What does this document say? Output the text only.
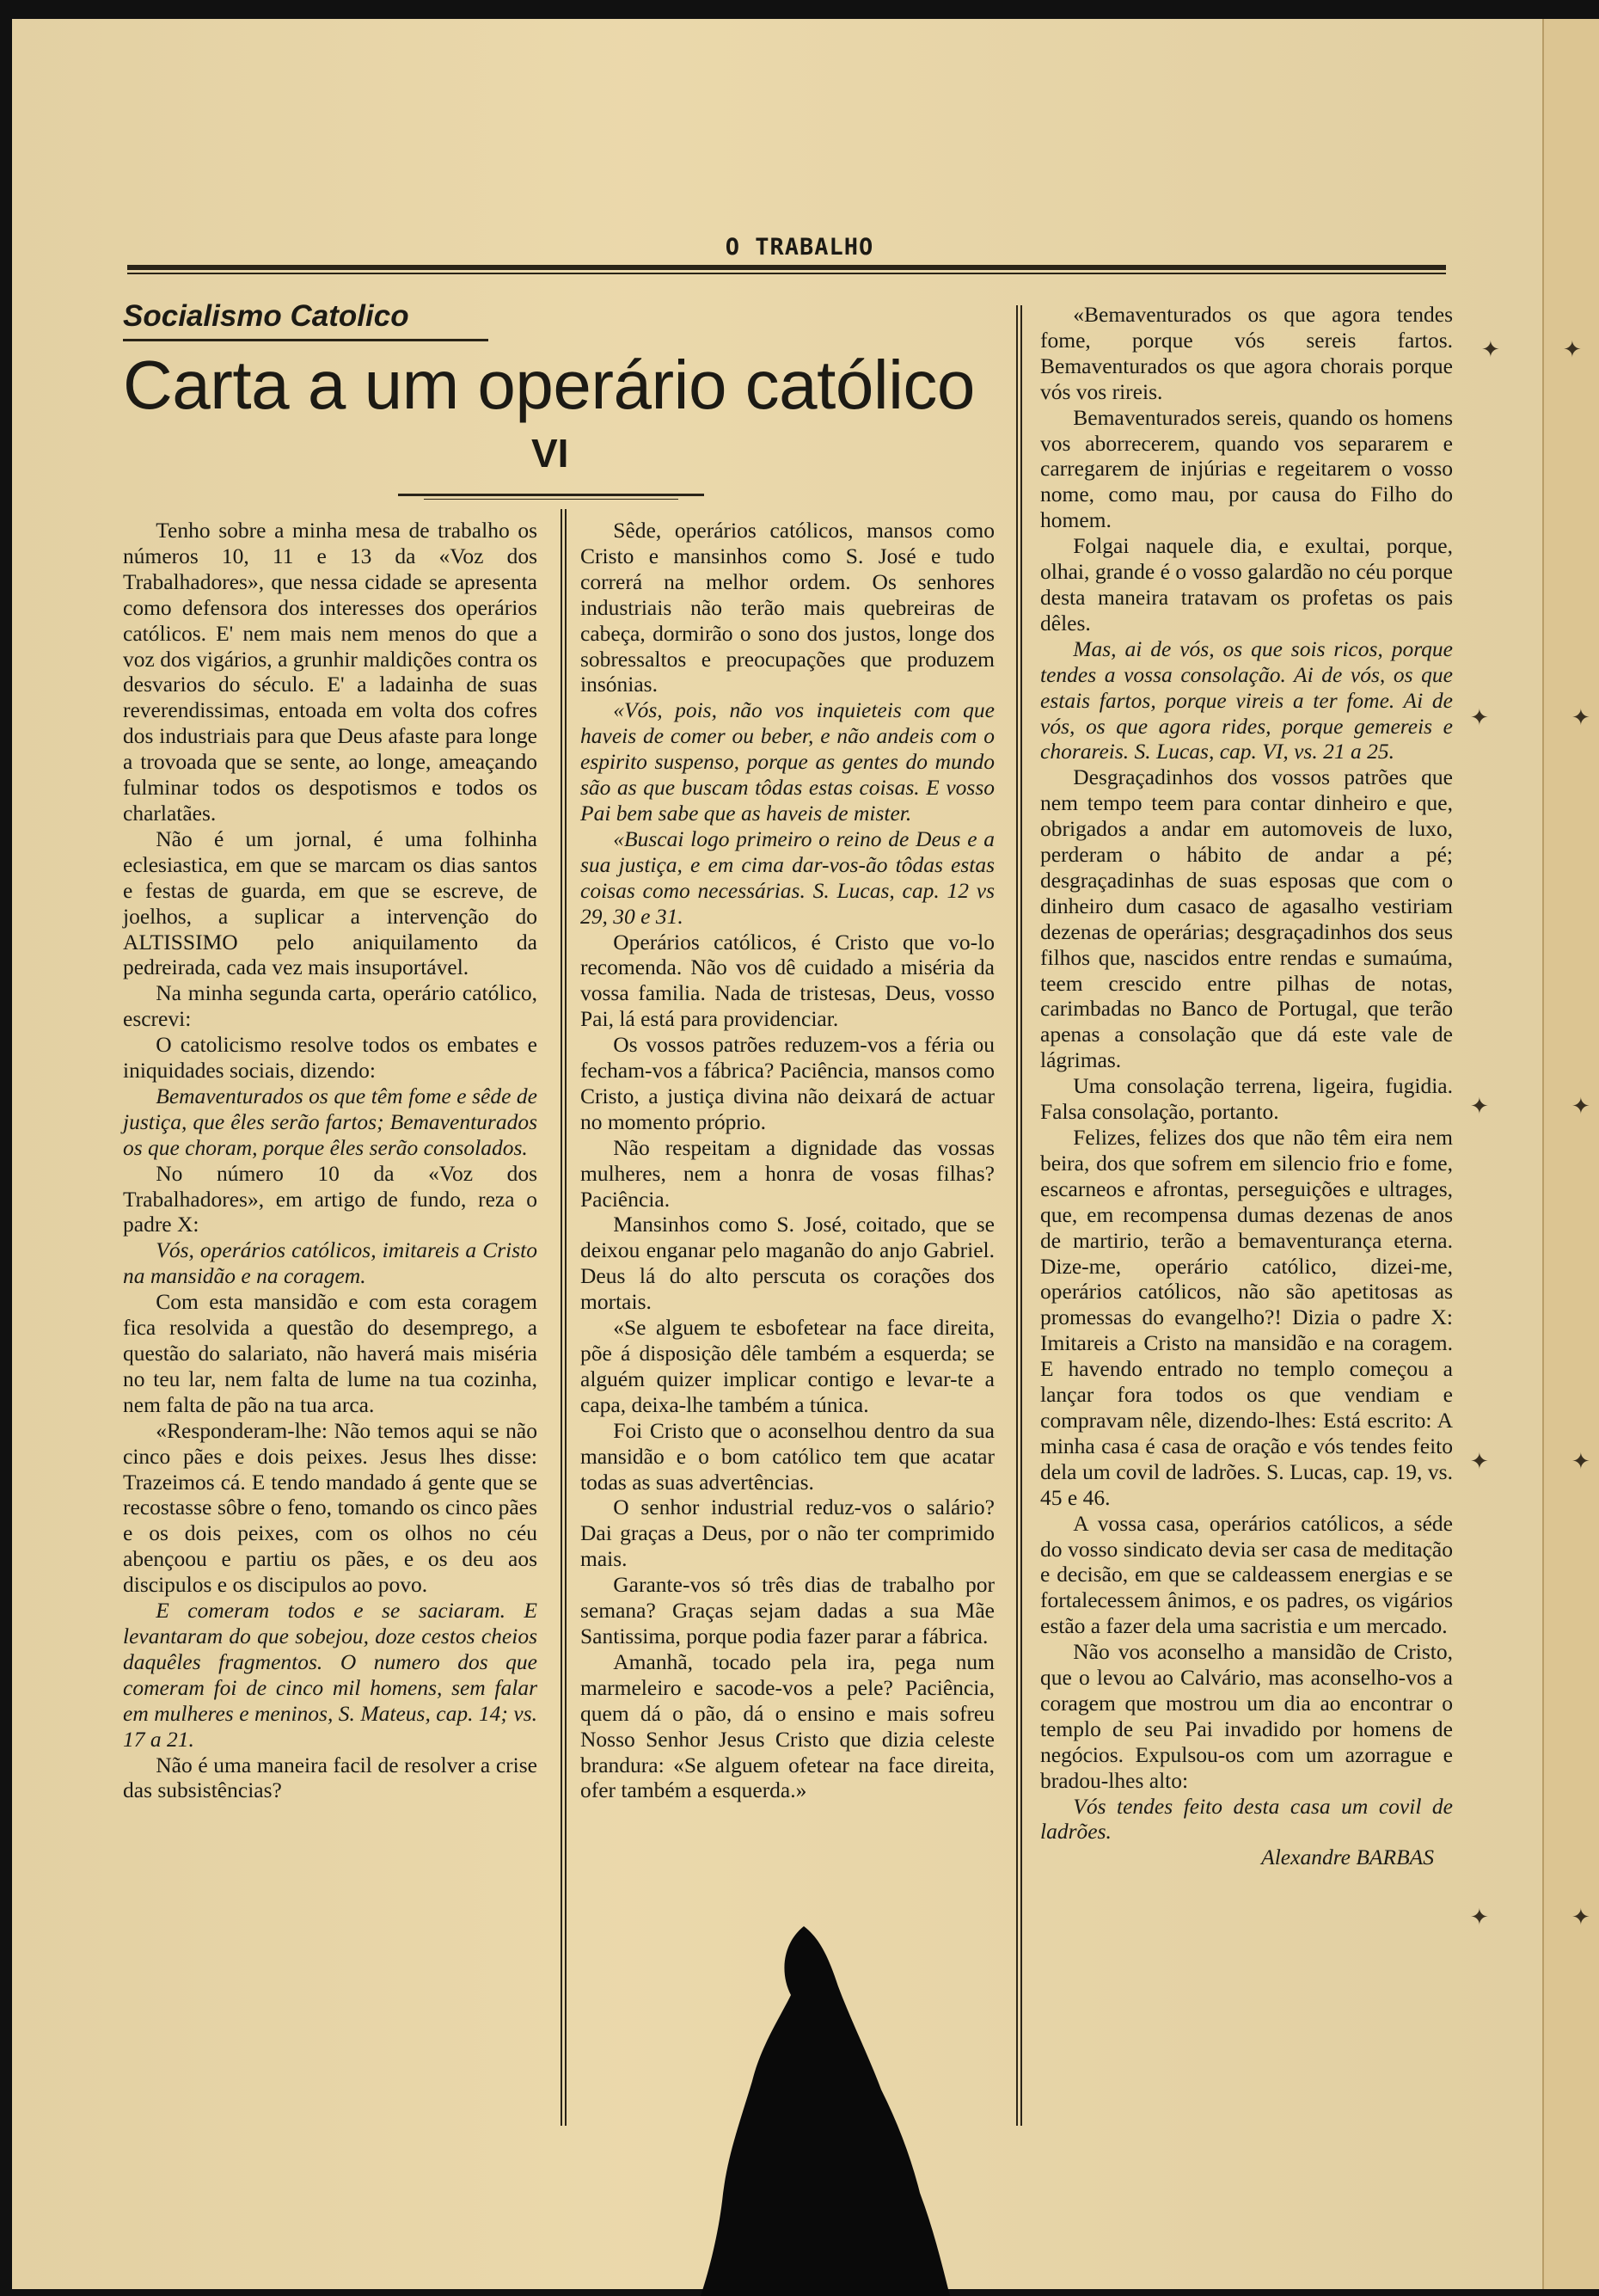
O TRABALHO
Socialismo Catolico
Carta a um operário católico
VI

Tenho sobre a minha mesa de trabalho os números 10, 11 e 13 da «Voz dos Trabalhadores», que nessa cidade se apresenta como defensora dos interesses dos operários católicos. E' nem mais nem menos do que a voz dos vigários, a grunhir maldições contra os desvarios do século. E' a ladainha de suas reverendissimas, entoada em volta dos cofres dos industriais para que Deus afaste para longe a trovoada que se sente, ao longe, ameaçando fulminar todos os despotismos e todos os charlatães.

Não é um jornal, é uma folhinha eclesiastica, em que se marcam os dias santos e festas de guarda, em que se escreve, de joelhos, a suplicar a intervenção do ALTISSIMO pelo aniquilamento da pedreirada, cada vez mais insuportável.

Na minha segunda carta, operário católico, escrevi:

O catolicismo resolve todos os embates e iniquidades sociais, dizendo:

Bemaventurados os que têm fome e sêde de justiça, que êles serão fartos; Bemaventurados os que choram, porque êles serão consolados.

No número 10 da «Voz dos Trabalhadores», em artigo de fundo, reza o padre X:

Vós, operários católicos, imitareis a Cristo na mansidão e na coragem.

Com esta mansidão e com esta coragem fica resolvida a questão do desemprego, a questão do salariato, não haverá mais miséria no teu lar, nem falta de lume na tua cozinha, nem falta de pão na tua arca.

«Responderam-lhe: Não temos aqui se não cinco pães e dois peixes. Jesus lhes disse: Trazeimos cá. E tendo mandado á gente que se recostasse sôbre o feno, tomando os cinco pães e os dois peixes, com os olhos no céu abençoou e partiu os pães, e os deu aos discipulos e os discipulos ao povo.

E comeram todos e se saciaram. E levantaram do que sobejou, doze cestos cheios daquêles fragmentos. O numero dos que comeram foi de cinco mil homens, sem falar em mulheres e meninos, S. Mateus, cap. 14; vs. 17 a 21.

Não é uma maneira facil de resolver a crise das subsistências?

Sêde, operários católicos, mansos como Cristo e mansinhos como S. José e tudo correrá na melhor ordem. Os senhores industriais não terão mais quebreiras de cabeça, dormirão o sono dos justos, longe dos sobressaltos e preocupações que produzem insónias.

«Vós, pois, não vos inquieteis com que haveis de comer ou beber, e não andeis com o espirito suspenso, porque as gentes do mundo são as que buscam tôdas estas coisas. E vosso Pai bem sabe que as haveis de mister.

«Buscai logo primeiro o reino de Deus e a sua justiça, e em cima dar-vos-ão tôdas estas coisas como necessárias. S. Lucas, cap. 12 vs 29, 30 e 31.

Operários católicos, é Cristo que vo-lo recomenda. Não vos dê cuidado a miséria da vossa familia. Nada de tristesas, Deus, vosso Pai, lá está para providenciar.

Os vossos patrões reduzem-vos a féria ou fecham-vos a fábrica? Paciência, mansos como Cristo, a justiça divina não deixará de actuar no momento próprio.

Não respeitam a dignidade das vossas mulheres, nem a honra de vosas filhas? Paciência.

Mansinhos como S. José, coitado, que se deixou enganar pelo maganão do anjo Gabriel. Deus lá do alto perscuta os corações dos mortais.

«Se alguem te esbofetear na face direita, põe á disposição dêle também a esquerda; se alguém quizer implicar contigo e levar-te a capa, deixa-lhe também a túnica.

Foi Cristo que o aconselhou dentro da sua mansidão e o bom católico tem que acatar todas as suas advertências.

O senhor industrial reduz-vos o salário? Dai graças a Deus, por o não ter comprimido mais.

Garante-vos só três dias de trabalho por semana? Graças sejam dadas a sua Mãe Santissima, porque podia fazer parar a fábrica.

Amanhã, tocado pela ira, pega num marmeleiro e sacode-vos a pele? Paciência, quem dá o pão, dá o ensino e mais sofreu Nosso Senhor Jesus Cristo que dizia celeste brandura: «Se alguem ofetear na face direita, ofer também a esquerda.»

«Bemaventurados os que agora tendes fome, porque vós sereis fartos. Bemaventurados os que agora chorais porque vós vos rireis.

Bemaventurados sereis, quando os homens vos aborrecerem, quando vos separarem e carregarem de injúrias e regeitarem o vosso nome, como mau, por causa do Filho do homem.

Folgai naquele dia, e exultai, porque, olhai, grande é o vosso galardão no céu porque desta maneira tratavam os profetas os pais dêles.

Mas, ai de vós, os que sois ricos, porque tendes a vossa consolação. Ai de vós, os que estais fartos, porque vireis a ter fome. Ai de vós, os que agora rides, porque gemereis e chorareis. S. Lucas, cap. VI, vs. 21 a 25.

Desgraçadinhos dos vossos patrões que nem tempo teem para contar dinheiro e que, obrigados a andar em automoveis de luxo, perderam o hábito de andar a pé; desgraçadinhas de suas esposas que com o dinheiro dum casaco de agasalho vestiriam dezenas de operárias; desgraçadinhos dos seus filhos que, nascidos entre rendas e sumaúma, teem crescido entre pilhas de notas, carimbadas no Banco de Portugal, que terão apenas a consolação que dá este vale de lágrimas.

Uma consolação terrena, ligeira, fugidia. Falsa consolação, portanto.

Felizes, felizes dos que não têm eira nem beira, dos que sofrem em silencio frio e fome, escarneos e afrontas, perseguições e ultrages, que, em recompensa dumas dezenas de anos de martirio, terão a bemaventurança eterna. Dize-me, operário católico, dizei-me, operários católicos, não são apetitosas as promessas do evangelho?! Dizia o padre X: Imitareis a Cristo na mansidão e na coragem. E havendo entrado no templo começou a lançar fora todos os que vendiam e compravam nêle, dizendo-lhes: Está escrito: A minha casa é casa de oração e vós tendes feito dela um covil de ladrões. S. Lucas, cap. 19, vs. 45 e 46.

A vossa casa, operários católicos, a séde do vosso sindicato devia ser casa de meditação e decisão, em que se caldeassem energias e se fortalecessem ânimos, e os padres, os vigários estão a fazer dela uma sacristia e um mercado.

Não vos aconselho a mansidão de Cristo, que o levou ao Calvário, mas aconselho-vos a coragem que mostrou um dia ao encontrar o templo de seu Pai invadido por homens de negócios. Expulsou-os com um azorrague e bradou-lhes alto:

Vós tendes feito desta casa um covil de ladrões.

Alexandre BARBAS

✦	✦
✦	✦
✦	✦
✦	✦
✦	✦
